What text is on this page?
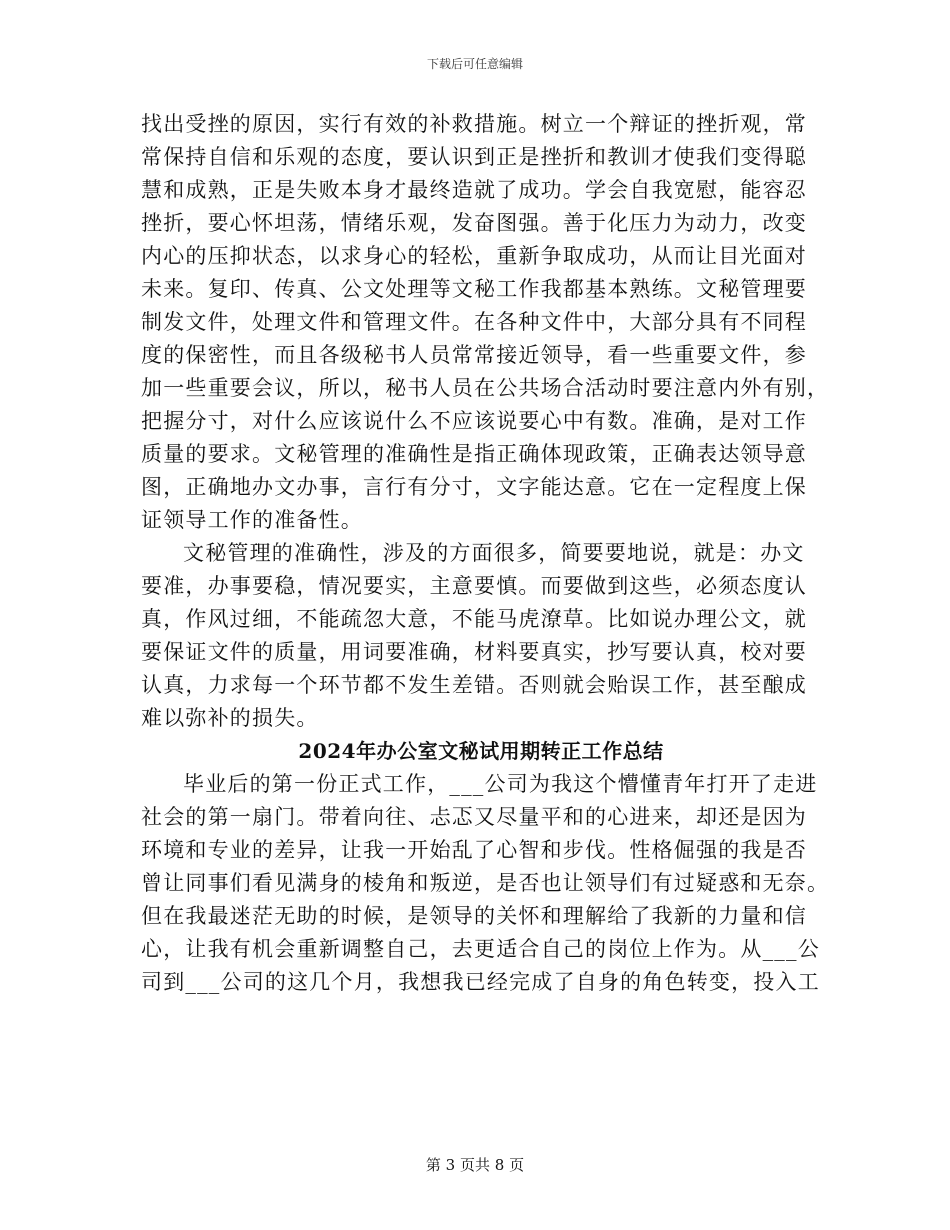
下载后可任意编辑
找出受挫的原因，实行有效的补救措施。树立一个辩证的挫折观，常
常保持自信和乐观的态度，要认识到正是挫折和教训才使我们变得聪
慧和成熟，正是失败本身才最终造就了成功。学会自我宽慰，能容忍
挫折，要心怀坦荡，情绪乐观，发奋图强。善于化压力为动力，改变
内心的压抑状态，以求身心的轻松，重新争取成功，从而让目光面对
未来。复印、传真、公文处理等文秘工作我都基本熟练。文秘管理要
制发文件，处理文件和管理文件。在各种文件中，大部分具有不同程
度的保密性，而且各级秘书人员常常接近领导，看一些重要文件，参
加一些重要会议，所以，秘书人员在公共场合活动时要注意内外有别，
把握分寸，对什么应该说什么不应该说要心中有数。准确，是对工作
质量的要求。文秘管理的准确性是指正确体现政策，正确表达领导意
图，正确地办文办事，言行有分寸，文字能达意。它在一定程度上保
证领导工作的准备性。
文秘管理的准确性，涉及的方面很多，简要要地说，就是：办文
要准，办事要稳，情况要实，主意要慎。而要做到这些，必须态度认
真，作风过细，不能疏忽大意，不能马虎潦草。比如说办理公文，就
要保证文件的质量，用词要准确，材料要真实，抄写要认真，校对要
认真，力求每一个环节都不发生差错。否则就会贻误工作，甚至酿成
难以弥补的损失。
2024年办公室文秘试用期转正工作总结
毕业后的第一份正式工作，___公司为我这个懵懂青年打开了走进
社会的第一扇门。带着向往、忐忑又尽量平和的心进来，却还是因为
环境和专业的差异，让我一开始乱了心智和步伐。性格倔强的我是否
曾让同事们看见满身的棱角和叛逆，是否也让领导们有过疑惑和无奈。
但在我最迷茫无助的时候，是领导的关怀和理解给了我新的力量和信
心，让我有机会重新调整自己，去更适合自己的岗位上作为。从___公
司到___公司的这几个月，我想我已经完成了自身的角色转变，投入工
第 3 页共 8 页
